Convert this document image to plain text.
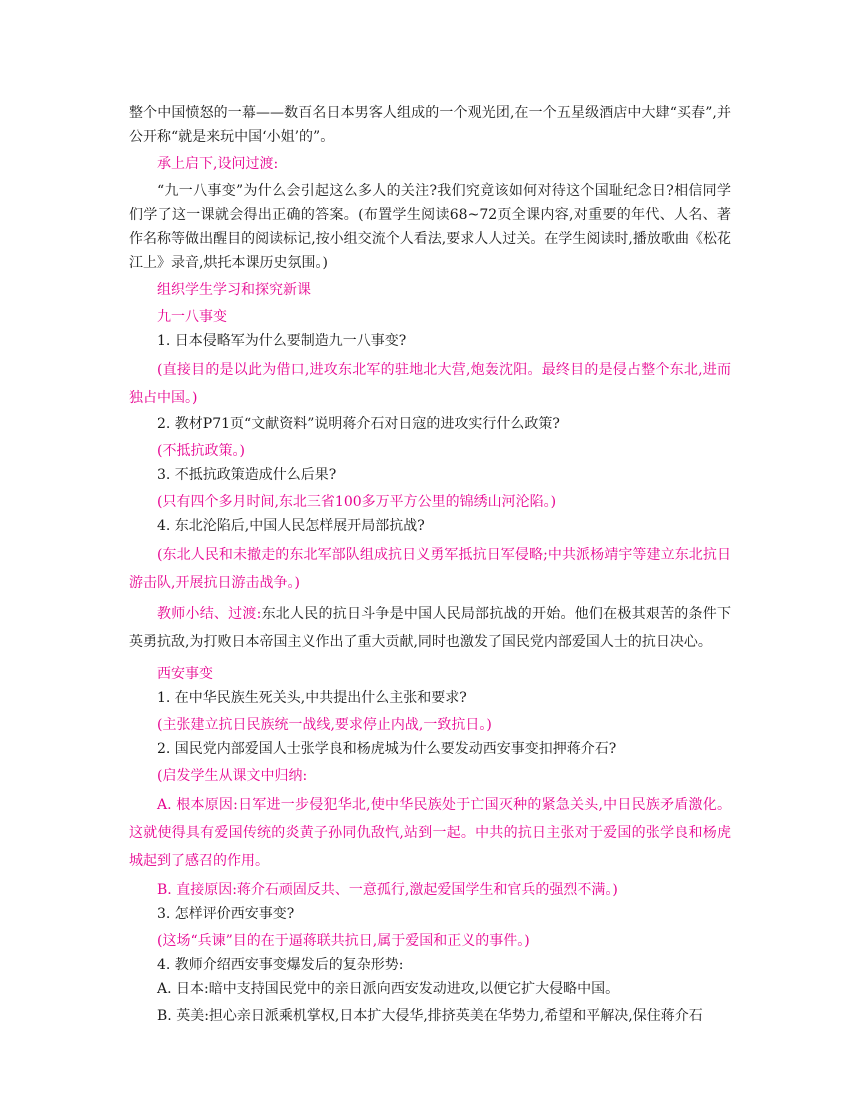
整个中国愤怒的一幕——数百名日本男客人组成的一个观光团,在一个五星级酒店中大肆“买春”,并公开称“就是来玩中国‘小姐’的”。

承上启下,设问过渡:

“九一八事变”为什么会引起这么多人的关注?我们究竟该如何对待这个国耻纪念日?相信同学们学了这一课就会得出正确的答案。(布置学生阅读68~72页全课内容,对重要的年代、人名、著作名称等做出醒目的阅读标记,按小组交流个人看法,要求人人过关。在学生阅读时,播放歌曲《松花江上》录音,烘托本课历史氛围。)

组织学生学习和探究新课

九一八事变

1. 日本侵略军为什么要制造九一八事变?

(直接目的是以此为借口,进攻东北军的驻地北大营,炮轰沈阳。最终目的是侵占整个东北,进而独占中国。)

2. 教材P71页“文献资料”说明蒋介石对日寇的进攻实行什么政策?

(不抵抗政策。)

3. 不抵抗政策造成什么后果?

(只有四个多月时间,东北三省100多万平方公里的锦绣山河沦陷。)

4. 东北沦陷后,中国人民怎样展开局部抗战?

(东北人民和未撤走的东北军部队组成抗日义勇军抵抗日军侵略;中共派杨靖宇等建立东北抗日游击队,开展抗日游击战争。)

教师小结、过渡:东北人民的抗日斗争是中国人民局部抗战的开始。他们在极其艰苦的条件下英勇抗敌,为打败日本帝国主义作出了重大贡献,同时也激发了国民党内部爱国人士的抗日决心。

西安事变

1. 在中华民族生死关头,中共提出什么主张和要求?

(主张建立抗日民族统一战线,要求停止内战,一致抗日。)

2. 国民党内部爱国人士张学良和杨虎城为什么要发动西安事变扣押蒋介石?

(启发学生从课文中归纳:

A. 根本原因:日军进一步侵犯华北,使中华民族处于亡国灭种的紧急关头,中日民族矛盾激化。这就使得具有爱国传统的炎黄子孙同仇敌忾,站到一起。中共的抗日主张对于爱国的张学良和杨虎城起到了感召的作用。

B. 直接原因:蒋介石顽固反共、一意孤行,激起爱国学生和官兵的强烈不满。)

3. 怎样评价西安事变?

(这场“兵谏”目的在于逼蒋联共抗日,属于爱国和正义的事件。)

4. 教师介绍西安事变爆发后的复杂形势:

A. 日本:暗中支持国民党中的亲日派向西安发动进攻,以便它扩大侵略中国。

B. 英美:担心亲日派乘机掌权,日本扩大侵华,排挤英美在华势力,希望和平解决,保住蒋介石
